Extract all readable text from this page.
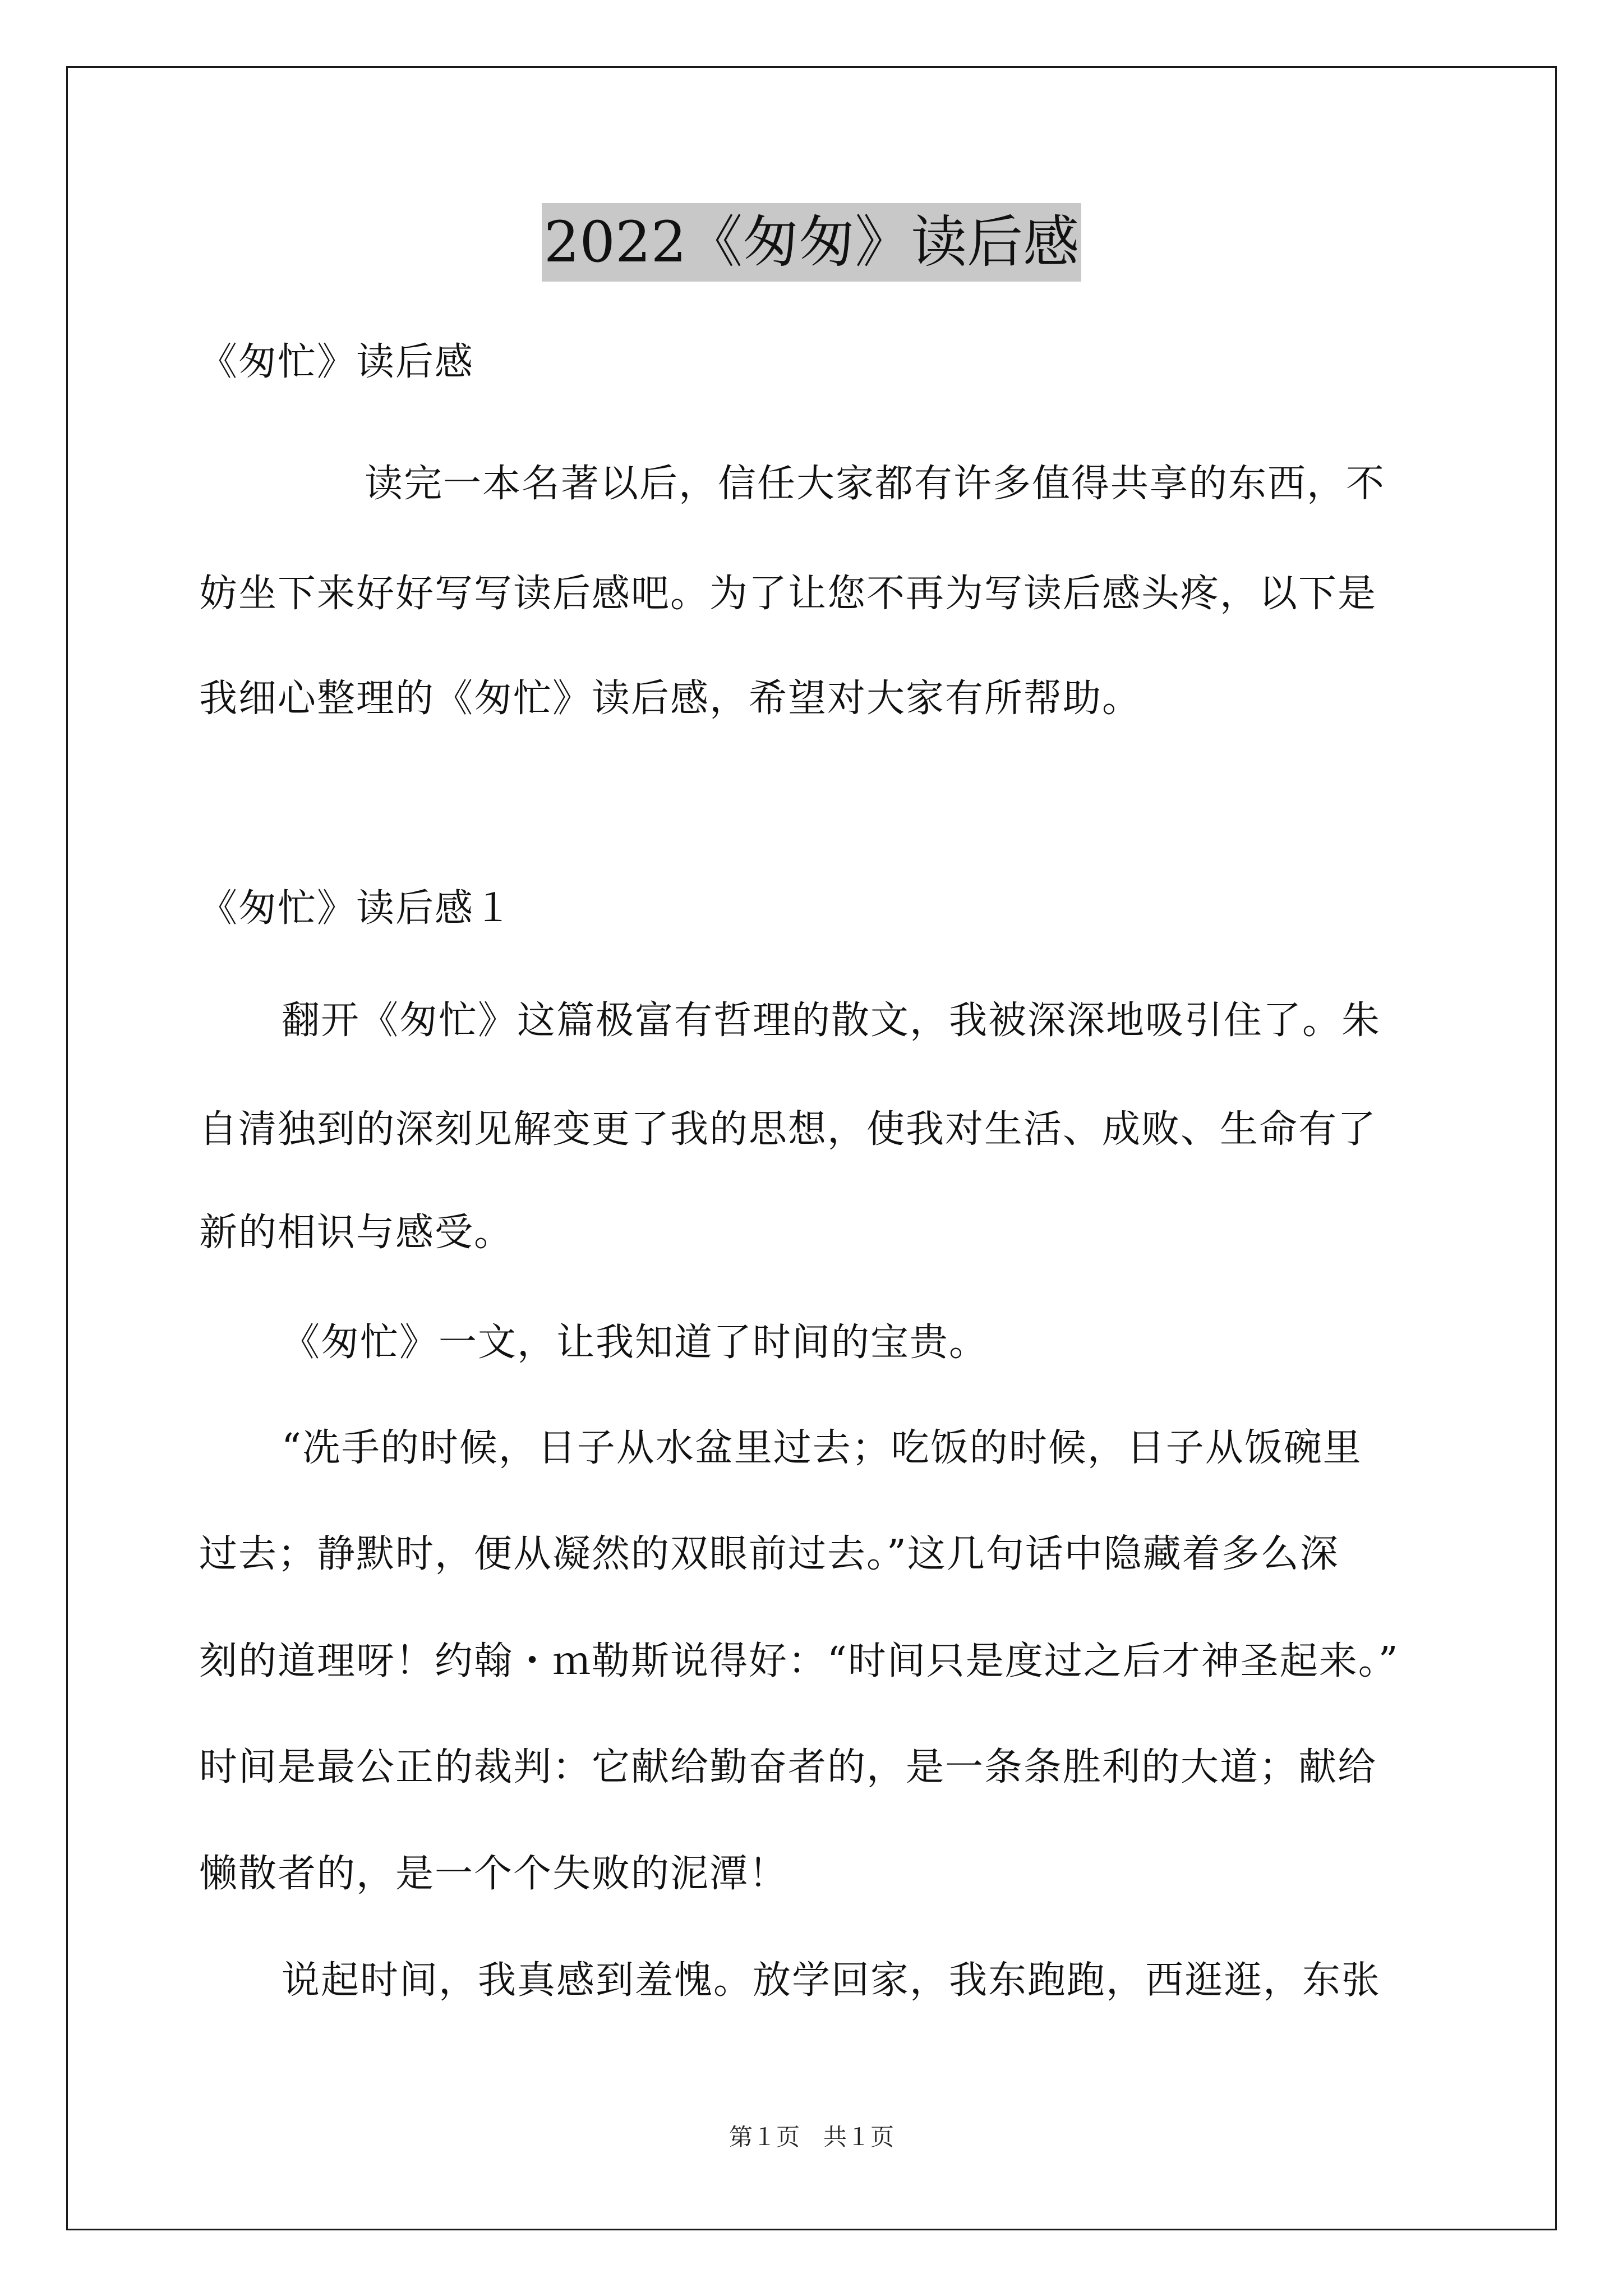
2022《匆匆》读后感
《匆忙》读后感
读完一本名著以后，信任大家都有许多值得共享的东西，不
妨坐下来好好写写读后感吧。为了让您不再为写读后感头疼，以下是
我细心整理的《匆忙》读后感，希望对大家有所帮助。
《匆忙》读后感１
翻开《匆忙》这篇极富有哲理的散文，我被深深地吸引住了。朱
自清独到的深刻见解变更了我的思想，使我对生活、成败、生命有了
新的相识与感受。
《匆忙》一文，让我知道了时间的宝贵。
“冼手的时候，日子从水盆里过去；吃饭的时候，日子从饭碗里
过去；静默时，便从凝然的双眼前过去。”这几句话中隐藏着多么深
刻的道理呀！约翰・ｍ勒斯说得好：“时间只是度过之后才神圣起来。”
时间是最公正的裁判：它献给勤奋者的，是一条条胜利的大道；献给
懒散者的，是一个个失败的泥潭！
说起时间，我真感到羞愧。放学回家，我东跑跑，西逛逛，东张
第１页　共１页
